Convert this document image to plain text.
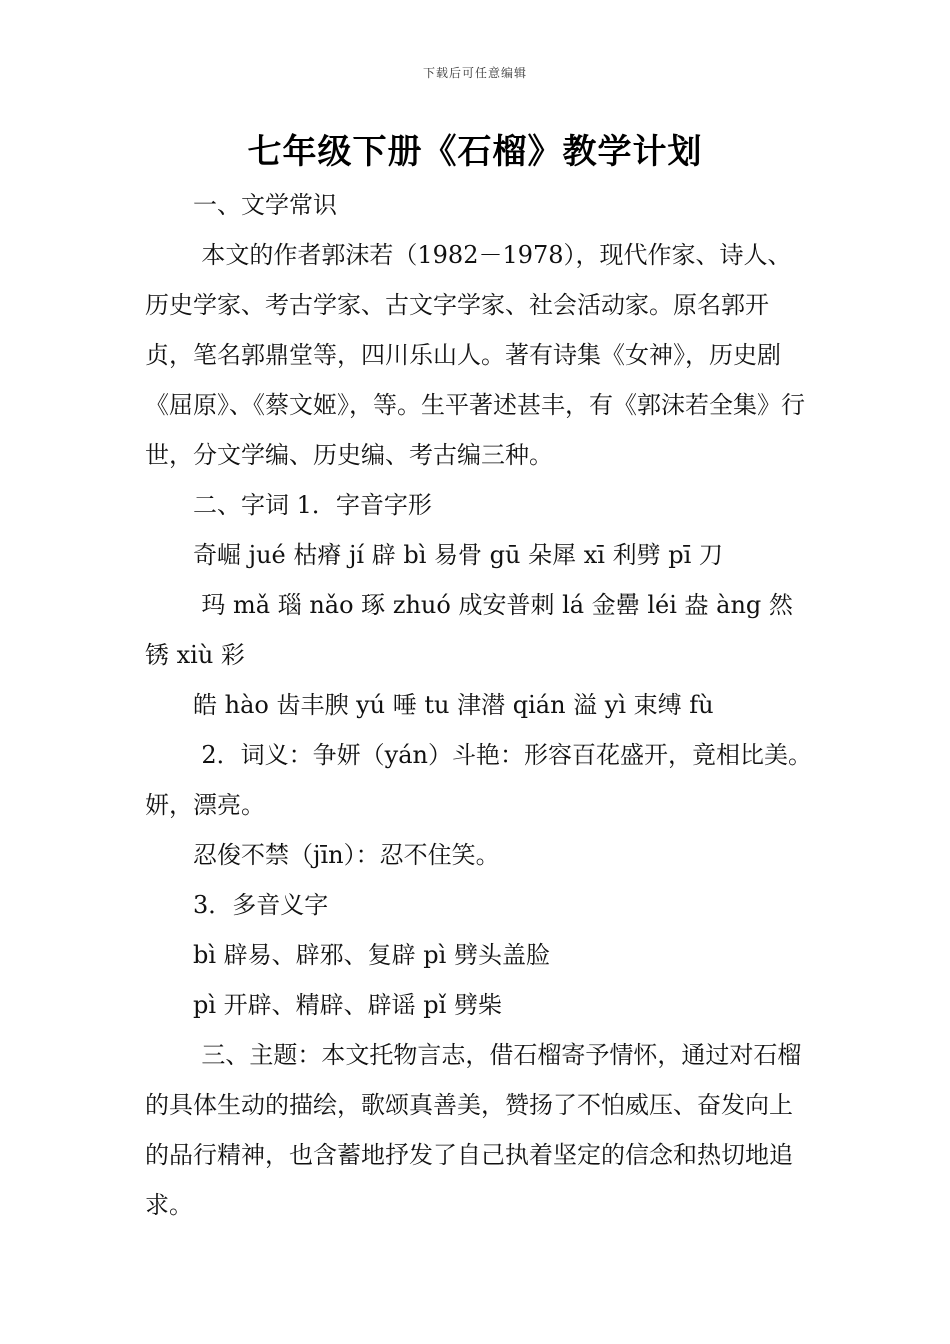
下载后可任意编辑
七年级下册《石榴》教学计划

一、文学常识

本文的作者郭沫若（1982－1978），现代作家、诗人、历史学家、考古学家、古文字学家、社会活动家。原名郭开贞，笔名郭鼎堂等，四川乐山人。著有诗集《女神》，历史剧《屈原》、《蔡文姬》，等。生平著述甚丰，有《郭沫若全集》行世，分文学编、历史编、考古编三种。

二、字词 1．字音字形

奇崛 jué 枯瘠 jí 辟 bì 易骨 gū 朵犀 xī 利劈 pī 刀

玛 mǎ 瑙 nǎo 琢 zhuó 成安普刺 lá 金罍 léi 盎 àng 然锈 xiù 彩

皓 hào 齿丰腴 yú 唾 tu 津潜 qián 溢 yì 束缚 fù

2．词义：争妍（yán）斗艳：形容百花盛开，竟相比美。妍，漂亮。

忍俊不禁（jīn）：忍不住笑。

3．多音义字

bì 辟易、辟邪、复辟 pì 劈头盖脸

pì 开辟、精辟、辟谣 pǐ 劈柴

三、主题：本文托物言志，借石榴寄予情怀，通过对石榴的具体生动的描绘，歌颂真善美，赞扬了不怕威压、奋发向上的品行精神，也含蓄地抒发了自己执着坚定的信念和热切地追求。
